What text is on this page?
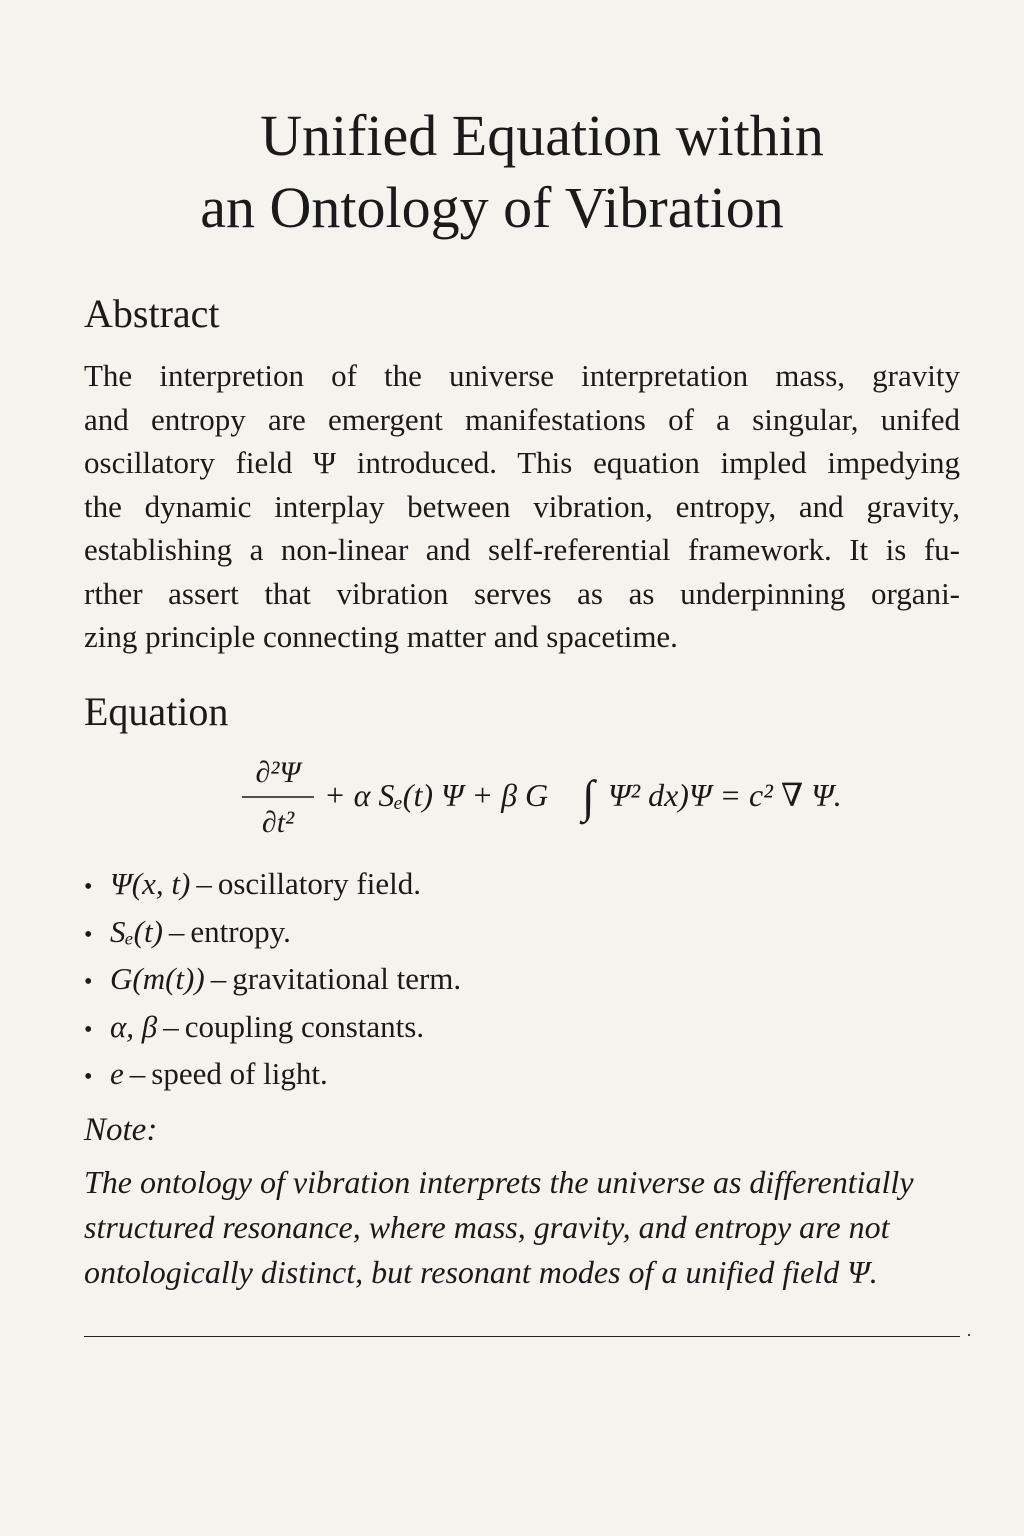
Unified Equation within
an Ontology of Vibration
Abstract

The interpretion of the universe interpretation mass, gravity
and entropy are emergent manifestations of a singular, unifed
oscillatory field Ψ introduced. This equation impled impedying
the dynamic interplay between vibration, entropy, and gravity,
establishing a non-linear and self-referential framework. It is fu-
rther assert that vibration serves as as underpinning organi-
zing principle connecting matter and spacetime.

Equation
∂²Ψ
∂t²
+ α Sₑ(t) Ψ + β G ∫ Ψ² dx)Ψ = c² ∇ Ψ.
• Ψ(x, t) – oscillatory field.
• Sₑ(t) – entropy.
• G(m(t)) – gravitational term.
• α, β – coupling constants.
• e – speed of light.

Note:

The ontology of vibration interprets the universe as differentially
structured resonance, where mass, gravity, and entropy are not
ontologically distinct, but resonant modes of a unified field Ψ.
